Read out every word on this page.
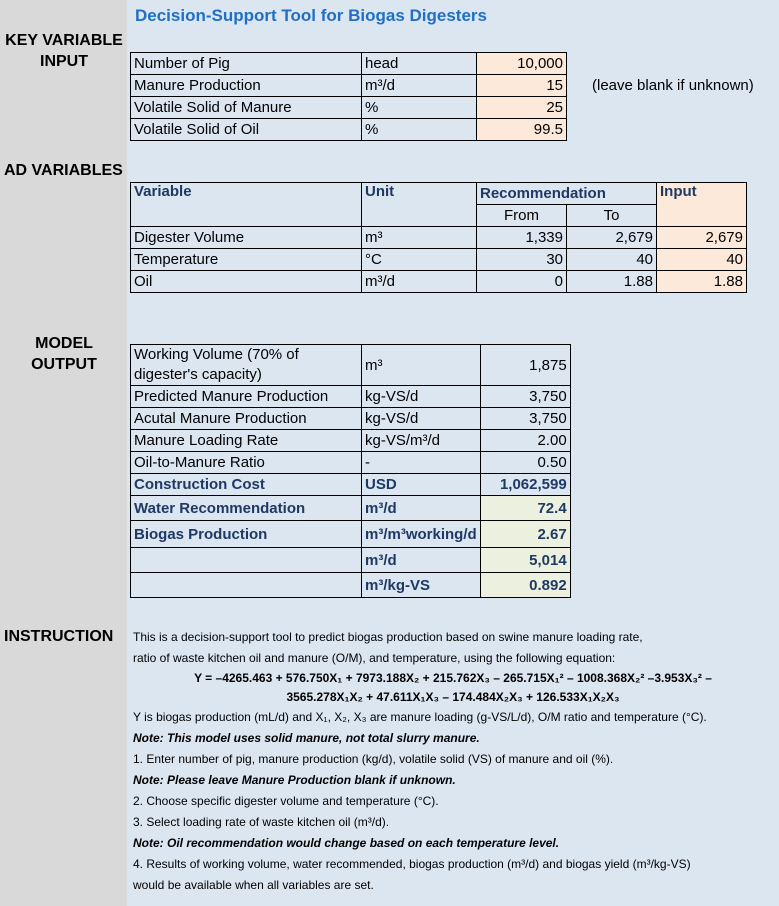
Decision-Support Tool for Biogas Digesters
KEY VARIABLE INPUT
AD VARIABLES
MODEL OUTPUT
INSTRUCTION
Number of Pig	head	10,000
Manure Production	m³/d	15
Volatile Solid of Manure	%	25
Volatile Solid of Oil	%	99.5
(leave blank if unknown)
Variable	Unit	Recommendation		Input
		From	To	
Digester Volume	m³	1,339	2,679	2,679
Temperature	°C	30	40	40
Oil	m³/d	0	1.88	1.88
Working Volume (70% of digester's capacity)	m³	1,875
Predicted Manure Production	kg-VS/d	3,750
Acutal Manure Production	kg-VS/d	3,750
Manure Loading Rate	kg-VS/m³/d	2.00
Oil-to-Manure Ratio	-	0.50
Construction Cost	USD	1,062,599
Water Recommendation	m³/d	72.4
Biogas Production	m³/m³working/d	2.67
	m³/d	5,014
	m³/kg-VS	0.892

This is a decision-support tool to predict biogas production based on swine manure loading rate,

ratio of waste kitchen oil and manure (O/M), and temperature, using the following equation:

Y = –4265.463 + 576.750X₁ + 7973.188X₂ + 215.762X₃ – 265.715X₁² – 1008.368X₂² –3.953X₃² –

3565.278X₁X₂ + 47.611X₁X₃ – 174.484X₂X₃ + 126.533X₁X₂X₃

Y is biogas production (mL/d) and X₁, X₂, X₃ are manure loading (g-VS/L/d), O/M ratio and temperature (°C).

Note: This model uses solid manure, not total slurry manure.

1. Enter number of pig, manure production (kg/d), volatile solid (VS) of manure and oil (%).

Note: Please leave Manure Production blank if unknown.

2. Choose specific digester volume and temperature (°C).

3. Select loading rate of waste kitchen oil (m³/d).

Note: Oil recommendation would change based on each temperature level.

4. Results of working volume, water recommended, biogas production (m³/d) and biogas yield (m³/kg-VS)

would be available when all variables are set.
